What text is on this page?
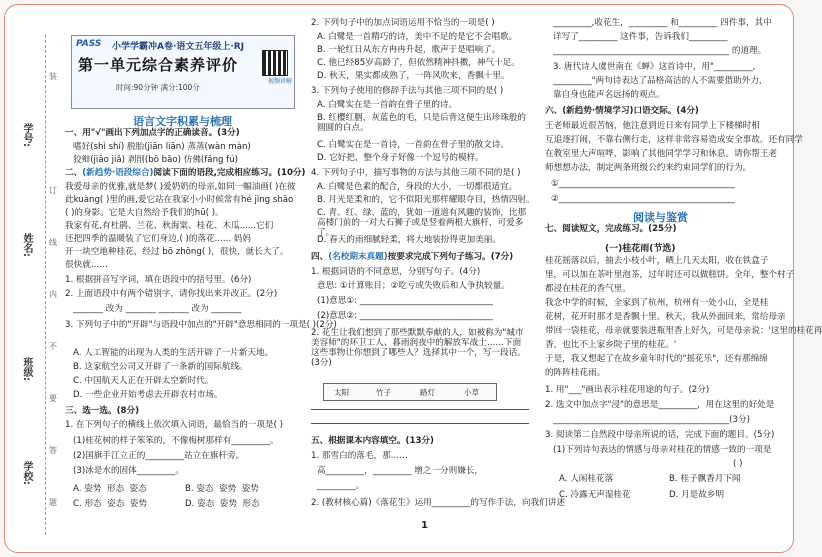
学号:
姓名:
班级:
学校:
装
订
线
内
不
要
答
题
PASS 小学学霸冲A卷·语文五年级上·RJ
第一单元综合素养评价
时间:90分钟 满分:100分
视频讲解
语言文字积累与梳理
一、用"√"画出下列加点字的正确读音。(3分)
嗜好(shì shí) 脱胎(jiān liān) 蒸蒸(wàn màn)
狡辩(jiǎo jiǎ) 剥削(bō bāo) 仿佛(fǎng fú)
二、(新趋势·语段综合)阅读下面的语段,完成相应练习。(10分)
我爱母亲的优雅,就是梦( )爱奶奶的母亲,如同一幅油画( )在彼
此kuàng( )里的画,爱它站在我家小小时候常有hé jìng shāo
( )的身影。它是大自然给予我们的hū( )。
我家有花,有杜鹃、兰花、秋海棠、桂花、木瓜......它们
还把四季的温暖装了它们身边,( )的落花...... 妈妈
开一块空地种桂花，经过 bō zhǒng( )，很快，就长大了。
很快就……
1. 根据拼音写字词，填在语段中的括号里。(6分)
2. 上面语段中有两个错别字，请你找出来并改正。(2分)
_______ 改为 _______ _______ 改为 _______
3. 下列句子中的"开辟"与语段中加点的"开辟"意思相同的一项是( )(2分)
A. 人工智能的出现为人类的生活开辟了一片新天地。
B. 这家航空公司又开辟了一条新的国际航线。
C. 中国航天人正在开辟太空新时代。
D. 一些企业开始考虑去开辟农村市场。
三、选一选。(8分)
1. 在下列句子的横线上依次填入词语，最恰当的一项是( )
(1)桂花树的样子笨笨的，不像梅树那样有_________。
(2)国旗手江立正的_________站立在旗杆旁。
(3)冰是水的固体_________。
A. 姿势 形态 姿态	B. 姿态 姿势 姿势
C. 形态 姿态 姿势	D. 姿态 姿势 形态
2. 下列句子中的加点词语运用不恰当的一项是( )
A. 白鹭是一首精巧的诗，美中不足的是它不会唱歌。
B. 一轮红日从东方冉冉升起，歌声于是唱响了。
C. 他已经85岁高龄了，但依然精神抖擞，神气十足。
D. 秋天，果实都成熟了，一阵风吹来，香飘十里。
3. 下列句子使用的修辞手法与其他三项不同的是( )
A. 白鹭实在是一首韵在骨子里的诗。
B. 红樱红胭，灰蓝色的毛，只是后背这便生出珍珠般的圆圆的白点。
C. 白鹭实在是一首诗，一首韵在骨子里的散文诗。
D. 它好把，整个身子好像一个逗号的模样。
4. 下列句子中，描写事物的方法与其他三项不同的是( )
A. 白鹭是色素的配合，身段的大小，一切都很适宜。
B. 月光是柔和的，它不似阳光那样耀眼夺目，热情四射。
C. 青、红、绿、蓝的，犹如一道道有风趣的装饰，比那高楼门前的一对大石狮子或是竖着两根大旗杆，可爱多了。
D. 春天的雨细腻轻柔，将大地装扮得更加美丽。
四、(名校期末真题)按要求完成下列句子练习。(7分)
1. 根据词语的不同意思，分别写句子。(4分)
意思: ①计算账目；②吃亏或失败后和人争执较量。
(1)意思①: _______________________________
(2)意思②: _______________________________
2. 花生让我们想到了那些默默奉献的人，如被称为"城市美容师"的环卫工人、暮雨润夜中的解放军战士……下面这些事物让你想到了哪些人？选择其中一个，写一段话。(3分)
太阳	竹子	路灯	小草
五、根据课本内容填空。(13分)
1. 那雪白的落毛，那……
高_________，_________ 增之一分则嫌长，
_________。
2. (教材核心篇)《落花生》运用_________的写作手法，向我们讲述
1
_________,收花生，_________ 和_________ 四件事，其中
详写了_________ 这件事，告诉我们_________
_________________________________________ 的道理。
3. 唐代诗人虞世南在《蝉》这首诗中，用"_________,
_________"两句诗表达了品格高洁的人不需要借助外力，
靠自身也能声名远扬的观点。
六、(新趋势·情境学习)口语交际。(4分)
王老师最近很苦恼，他注意到近日来有同学上下楼梯时相
互追逐打闹，不靠右侧行走，这样非常容易造成安全事故。还有同学
在教室里大声喧哗，影响了其他同学学习和休息。请你帮王老
师想想办法，制定两条班级公约来约束同学们的行为。
①_________________________________________
②_________________________________________
阅读与鉴赏
七、阅读短文，完成练习。(25分)
(一)桂花雨(节选)
桂花摇落以后，抽去小枝小叶，晒上几天太阳，收在铁盒子
里，可以加在茶叶里泡茶，过年时还可以做糕饼。全年，整个村子
都浸在桂花的香气里。
我念中学的时候，全家到了杭州，杭州有一处小山，全是桂
花树，花开时那才是香飘十里。秋天，我从外面回来，常给母亲
带回一袋桂花，母亲就要装进瓶里香上好久，可是母亲说：'这里的桂花再
香，也比不上家乡院子里的桂花。'
于是，我又想起了在故乡童年时代的"摇花乐"，还有那绵绵
的阵阵桂花雨。
1. 用"___"画出表示桂花用途的句子。(2分)
2. 选文中加点字"浸"的意思是_________，用在这里的好处是
_________________________________________(3分)
3. 阅读第二自然段中母亲所说的话，完成下面的题目。(5分)
(1)下列诗句表达的情感与母亲对桂花的情感一致的一项是
( )
A. 人闲桂花落	B. 桂子飘香月下闻
C. 冷露无声湿桂花	D. 月是故乡明
